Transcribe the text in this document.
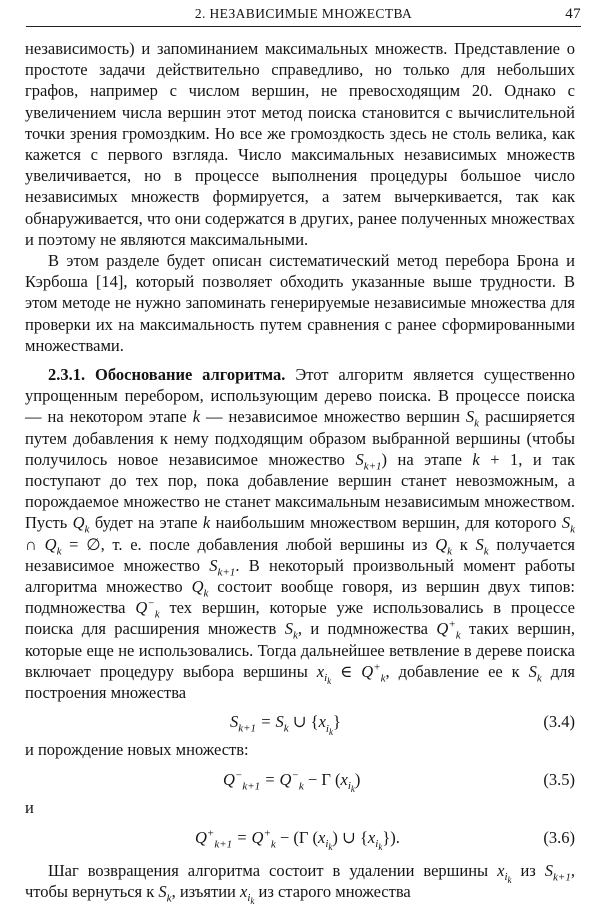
2. НЕЗАВИСИМЫЕ МНОЖЕСТВА	47

независимость) и запоминанием максимальных множеств. Представление о простоте задачи действительно справедливо, но только для небольших графов, например с числом вершин, не превосходящим 20. Однако с увеличением числа вершин этот метод поиска становится с вычислительной точки зрения громоздким. Но все же громоздкость здесь не столь велика, как кажется с первого взгляда. Число максимальных независимых множеств увеличивается, но в процессе выполнения процедуры большое число независимых множеств формируется, а затем вычеркивается, так как обнаруживается, что они содержатся в других, ранее полученных множествах и поэтому не являются максимальными.

В этом разделе будет описан систематический метод перебора Брона и Кэрбоша [14], который позволяет обходить указанные выше трудности. В этом методе не нужно запоминать генерируемые независимые множества для проверки их на максимальность путем сравнения с ранее сформированными множествами.

2.3.1. Обоснование алгоритма. Этот алгоритм является существенно упрощенным перебором, использующим дерево поиска. В процессе поиска — на некотором этапе k — независимое множество вершин $S_k$ расширяется путем добавления к нему подходящим образом выбранной вершины (чтобы получилось новое независимое множество $S_{k+1}$) на этапе k + 1, и так поступают до тех пор, пока добавление вершин станет невозможным, а порождаемое множество не станет максимальным независимым множеством. Пусть $Q_k$ будет на этапе k наибольшим множеством вершин, для которого $S_k$ ∩ $Q_k$ = ∅, т. е. после добавления любой вершины из $Q_k$ к $S_k$ получается независимое множество $S_{k+1}$. В некоторый произвольный момент работы алгоритма множество $Q_k$ состоит вообще говоря, из вершин двух типов: подмножества $Q^-_k$ тех вершин, которые уже использовались в процессе поиска для расширения множеств $S_k$, и подмножества $Q^+_k$ таких вершин, которые еще не использовались. Тогда дальнейшее ветвление в дереве поиска включает процедуру выбора вершины $x_{i_k}$ ∈ $Q^+_k$, добавление ее к $S_k$ для построения множества

$S_{k+1} = S_k$ ∪ $\{x_{i_k}\}$	(3.4)

и порождение новых множеств:

$Q^-_{k+1} = Q^-_k - \Gamma$ $(x_{i_k})$	(3.5)

и

$Q^+_{k+1} = Q^+_k - (\Gamma$ $(x_{i_k})$ ∪ $\{x_{i_k}\}$).	(3.6)

Шаг возвращения алгоритма состоит в удалении вершины $x_{i_k}$ из $S_{k+1}$, чтобы вернуться к $S_k$, изъятии $x_{i_k}$ из старого множества
